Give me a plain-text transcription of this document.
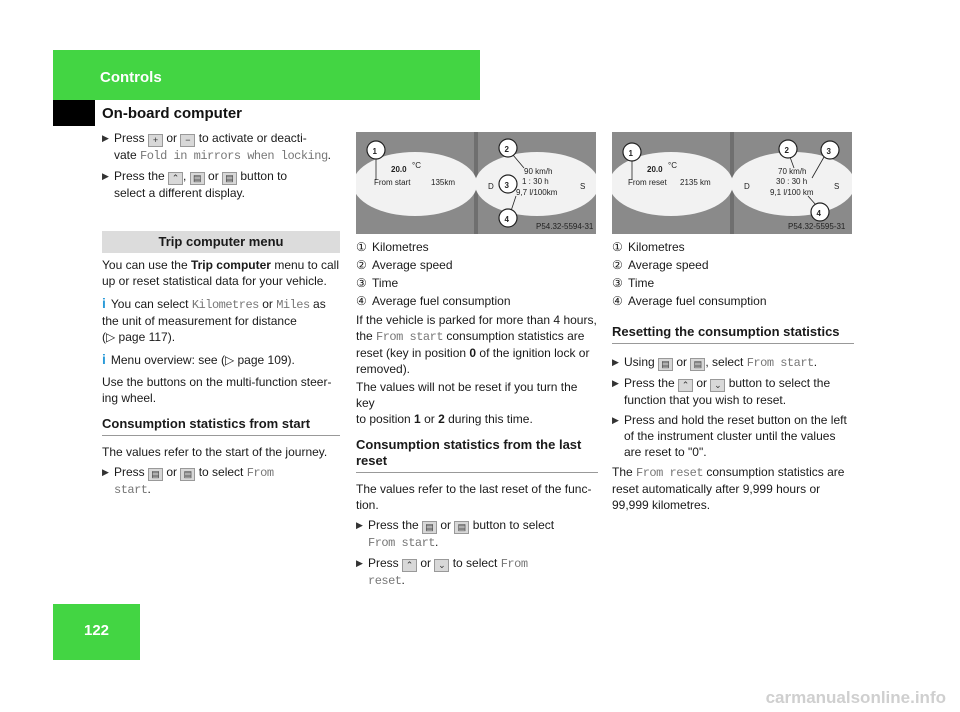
Controls
On-board computer
▶ Press + or − to activate or deacti-
vate Fold in mirrors when locking.
▶ Press the ⌃ , ▤ or ▤ button to
select a different display.
Trip computer menu

You can use the Trip computer menu to call
up or reset statistical data for your vehicle.

i You can select Kilometres or Miles as
the unit of measurement for distance
(▷ page 117).

i Menu overview: see (▷ page 109).

Use the buttons on the multi-function steer-
ing wheel.

Consumption statistics from start

The values refer to the start of the journey.

▶ Press ▤ or ▤ to select From
start.
20.0 °C
From start	135km
90 km/h
1 : 30 h
9,7 l/100km
D	S
1	2
3
4
P54.32-5594-31
① Kilometres
② Average speed
③ Time
④ Average fuel consumption

If the vehicle is parked for more than 4 hours,
the From start consumption statistics are
reset (key in position 0 of the ignition lock or
removed).

The values will not be reset if you turn the key
to position 1 or 2 during this time.

Consumption statistics from the last reset

The values refer to the last reset of the func-
tion.

▶ Press the ▤ or ▤ button to select
From start.
▶ Press ⌃ or ⌄ to select From
reset.
20.0 °C
From reset 2135 km
70 km/h
30 : 30 h
9,1 l/100 km
D	S
1	2	3
4
P54.32-5595-31
① Kilometres
② Average speed
③ Time
④ Average fuel consumption
Resetting the consumption statistics
▶ Using ▤ or ▤ , select From start.
▶ Press the ⌃ or ⌄ button to select the
function that you wish to reset.
▶ Press and hold the reset button on the left
of the instrument cluster until the values
are reset to "0".

The From reset consumption statistics are
reset automatically after 9,999 hours or
99,999 kilometres.

122
carmanualsonline.info
